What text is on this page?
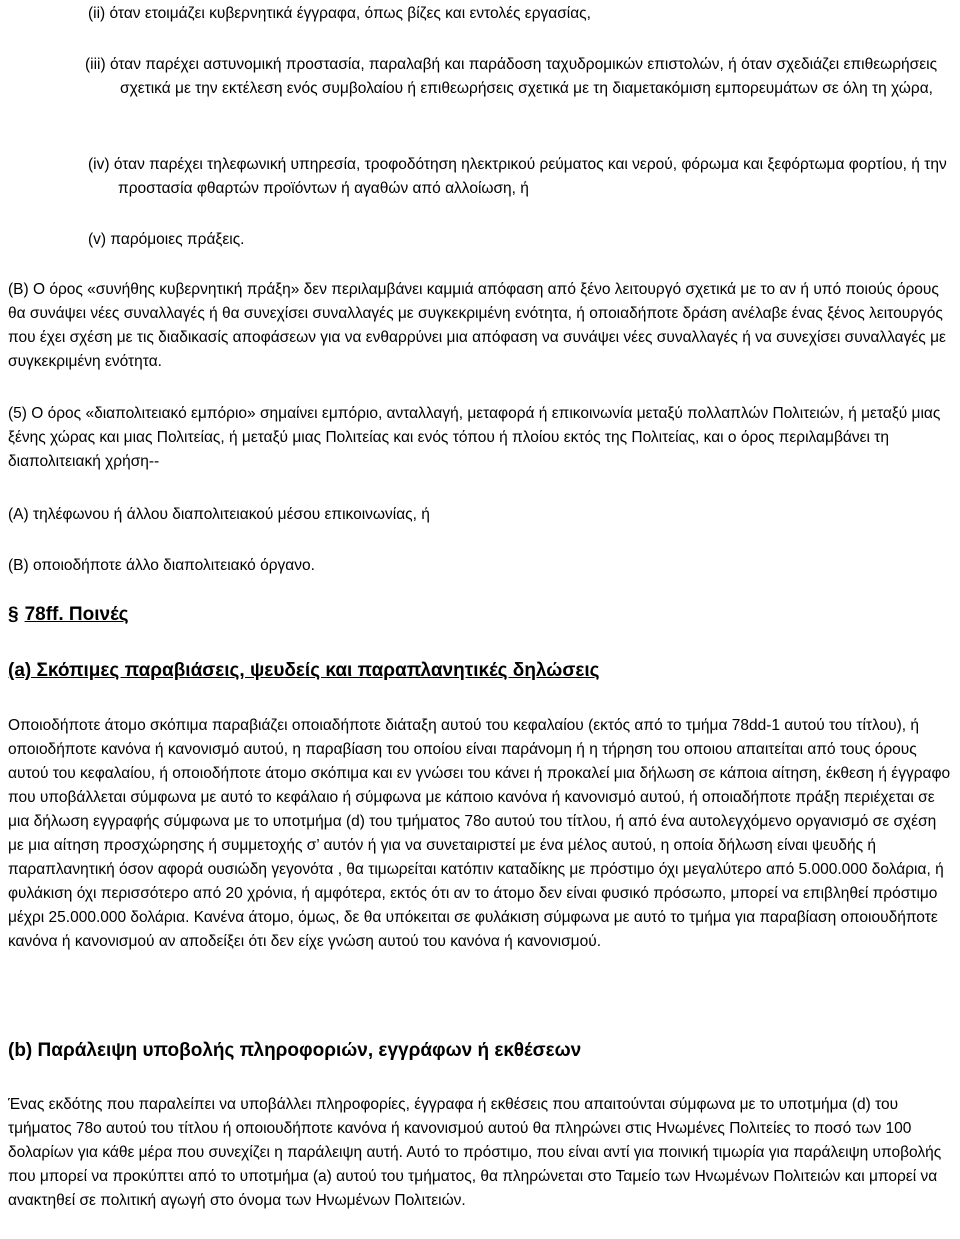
(ii) όταν ετοιμάζει κυβερνητικά έγγραφα, όπως βίζες και εντολές εργασίας,

(iii) όταν παρέχει αστυνομική προστασία, παραλαβή και παράδοση ταχυδρομικών επιστολών, ή όταν σχεδιάζει επιθεωρήσεις σχετικά με την εκτέλεση ενός συμβολαίου ή επιθεωρήσεις σχετικά με τη διαμετακόμιση εμπορευμάτων σε όλη τη χώρα,

(iv) όταν παρέχει τηλεφωνική υπηρεσία, τροφοδότηση ηλεκτρικού ρεύματος και νερού, φόρωμα και ξεφόρτωμα φορτίου, ή την προστασία φθαρτών προϊόντων ή αγαθών από αλλοίωση, ή

(v) παρόμοιες πράξεις.

(B) Ο όρος «συνήθης κυβερνητική πράξη» δεν περιλαμβάνει καμμιά απόφαση από ξένο λειτουργό σχετικά με το αν ή υπό ποιούς όρους θα συνάψει νέες συναλλαγές ή θα συνεχίσει συναλλαγές με συγκεκριμένη ενότητα, ή οποιαδήποτε δράση ανέλαβε ένας ξένος λειτουργός που έχει σχέση με τις διαδικασίς αποφάσεων για να ενθαρρύνει μια απόφαση να συνάψει νέες συναλλαγές ή να συνεχίσει συναλλαγές με συγκεκριμένη ενότητα.

(5) Ο όρος «διαπολιτειακό εμπόριο» σημαίνει εμπόριο, ανταλλαγή, μεταφορά ή επικοινωνία μεταξύ πολλαπλών Πολιτειών, ή μεταξύ μιας ξένης χώρας και μιας Πολιτείας, ή μεταξύ μιας Πολιτείας και ενός τόπου ή πλοίου εκτός της Πολιτείας, και ο όρος περιλαμβάνει τη διαπολιτειακή χρήση--

(A) τηλέφωνου ή άλλου διαπολιτειακού μέσου επικοινωνίας, ή

(B) οποιοδήποτε άλλο διαπολιτειακό όργανο.

§ 78ff. Ποινές
(a) Σκόπιμες παραβιάσεις, ψευδείς και παραπλανητικές δηλώσεις

Οποιοδήποτε άτομο σκόπιμα παραβιάζει οποιαδήποτε διάταξη αυτού του κεφαλαίου (εκτός από το τμήμα 78dd-1 αυτού του τίτλου), ή οποιοδήποτε κανόνα ή κανονισμό αυτού, η παραβίαση του οποίου είναι παράνομη ή η τήρηση του οποιου απαιτείται από τους όρους αυτού του κεφαλαίου, ή οποιοδήποτε άτομο σκόπιμα και εν γνώσει του κάνει ή προκαλεί μια δήλωση σε κάποια αίτηση, έκθεση ή έγγραφο που υποβάλλεται σύμφωνα με αυτό το κεφάλαιο ή σύμφωνα με κάποιο κανόνα ή κανονισμό αυτού, ή οποιαδήποτε πράξη περιέχεται σε μια δήλωση εγγραφής σύμφωνα με το υποτμήμα (d) του τμήματος 78o αυτού του τίτλου, ή από ένα αυτολεγχόμενο οργανισμό σε σχέση με μια αίτηση προσχώρησης ή συμμετοχής σ’ αυτόν ή για να συνεταιριστεί με ένα μέλος αυτού, η οποία δήλωση είναι ψευδής ή παραπλανητική όσον αφορά ουσιώδη γεγονότα , θα τιμωρείται κατόπιν καταδίκης με πρόστιμο όχι μεγαλύτερο από 5.000.000 δολάρια, ή φυλάκιση όχι περισσότερο από 20 χρόνια, ή αμφότερα, εκτός ότι αν το άτομο δεν είναι φυσικό πρόσωπο, μπορεί να επιβληθεί πρόστιμο μέχρι 25.000.000 δολάρια. Κανένα άτομο, όμως, δε θα υπόκειται σε φυλάκιση σύμφωνα με αυτό το τμήμα για παραβίαση οποιουδήποτε κανόνα ή κανονισμού αν αποδείξει ότι δεν είχε γνώση αυτού του κανόνα ή κανονισμού.

(b) Παράλειψη υποβολής πληροφοριών, εγγράφων ή εκθέσεων

Ένας εκδότης που παραλείπει να υποβάλλει πληροφορίες, έγγραφα ή εκθέσεις που απαιτούνται σύμφωνα με το υποτμήμα (d) του τμήματος 78o αυτού του τίτλου ή οποιουδήποτε κανόνα ή κανονισμού αυτού θα πληρώνει στις Ηνωμένες Πολιτείες το ποσό των 100 δολαρίων για κάθε μέρα που συνεχίζει η παράλειψη αυτή. Αυτό το πρόστιμο, που είναι αντί για ποινική τιμωρία για παράλειψη υποβολής που μπορεί να προκύπτει από το υποτμήμα (a) αυτού του τμήματος, θα πληρώνεται στο Ταμείο των Ηνωμένων Πολιτειών και μπορεί να ανακτηθεί σε πολιτική αγωγή στο όνομα των Ηνωμένων Πολιτειών.
